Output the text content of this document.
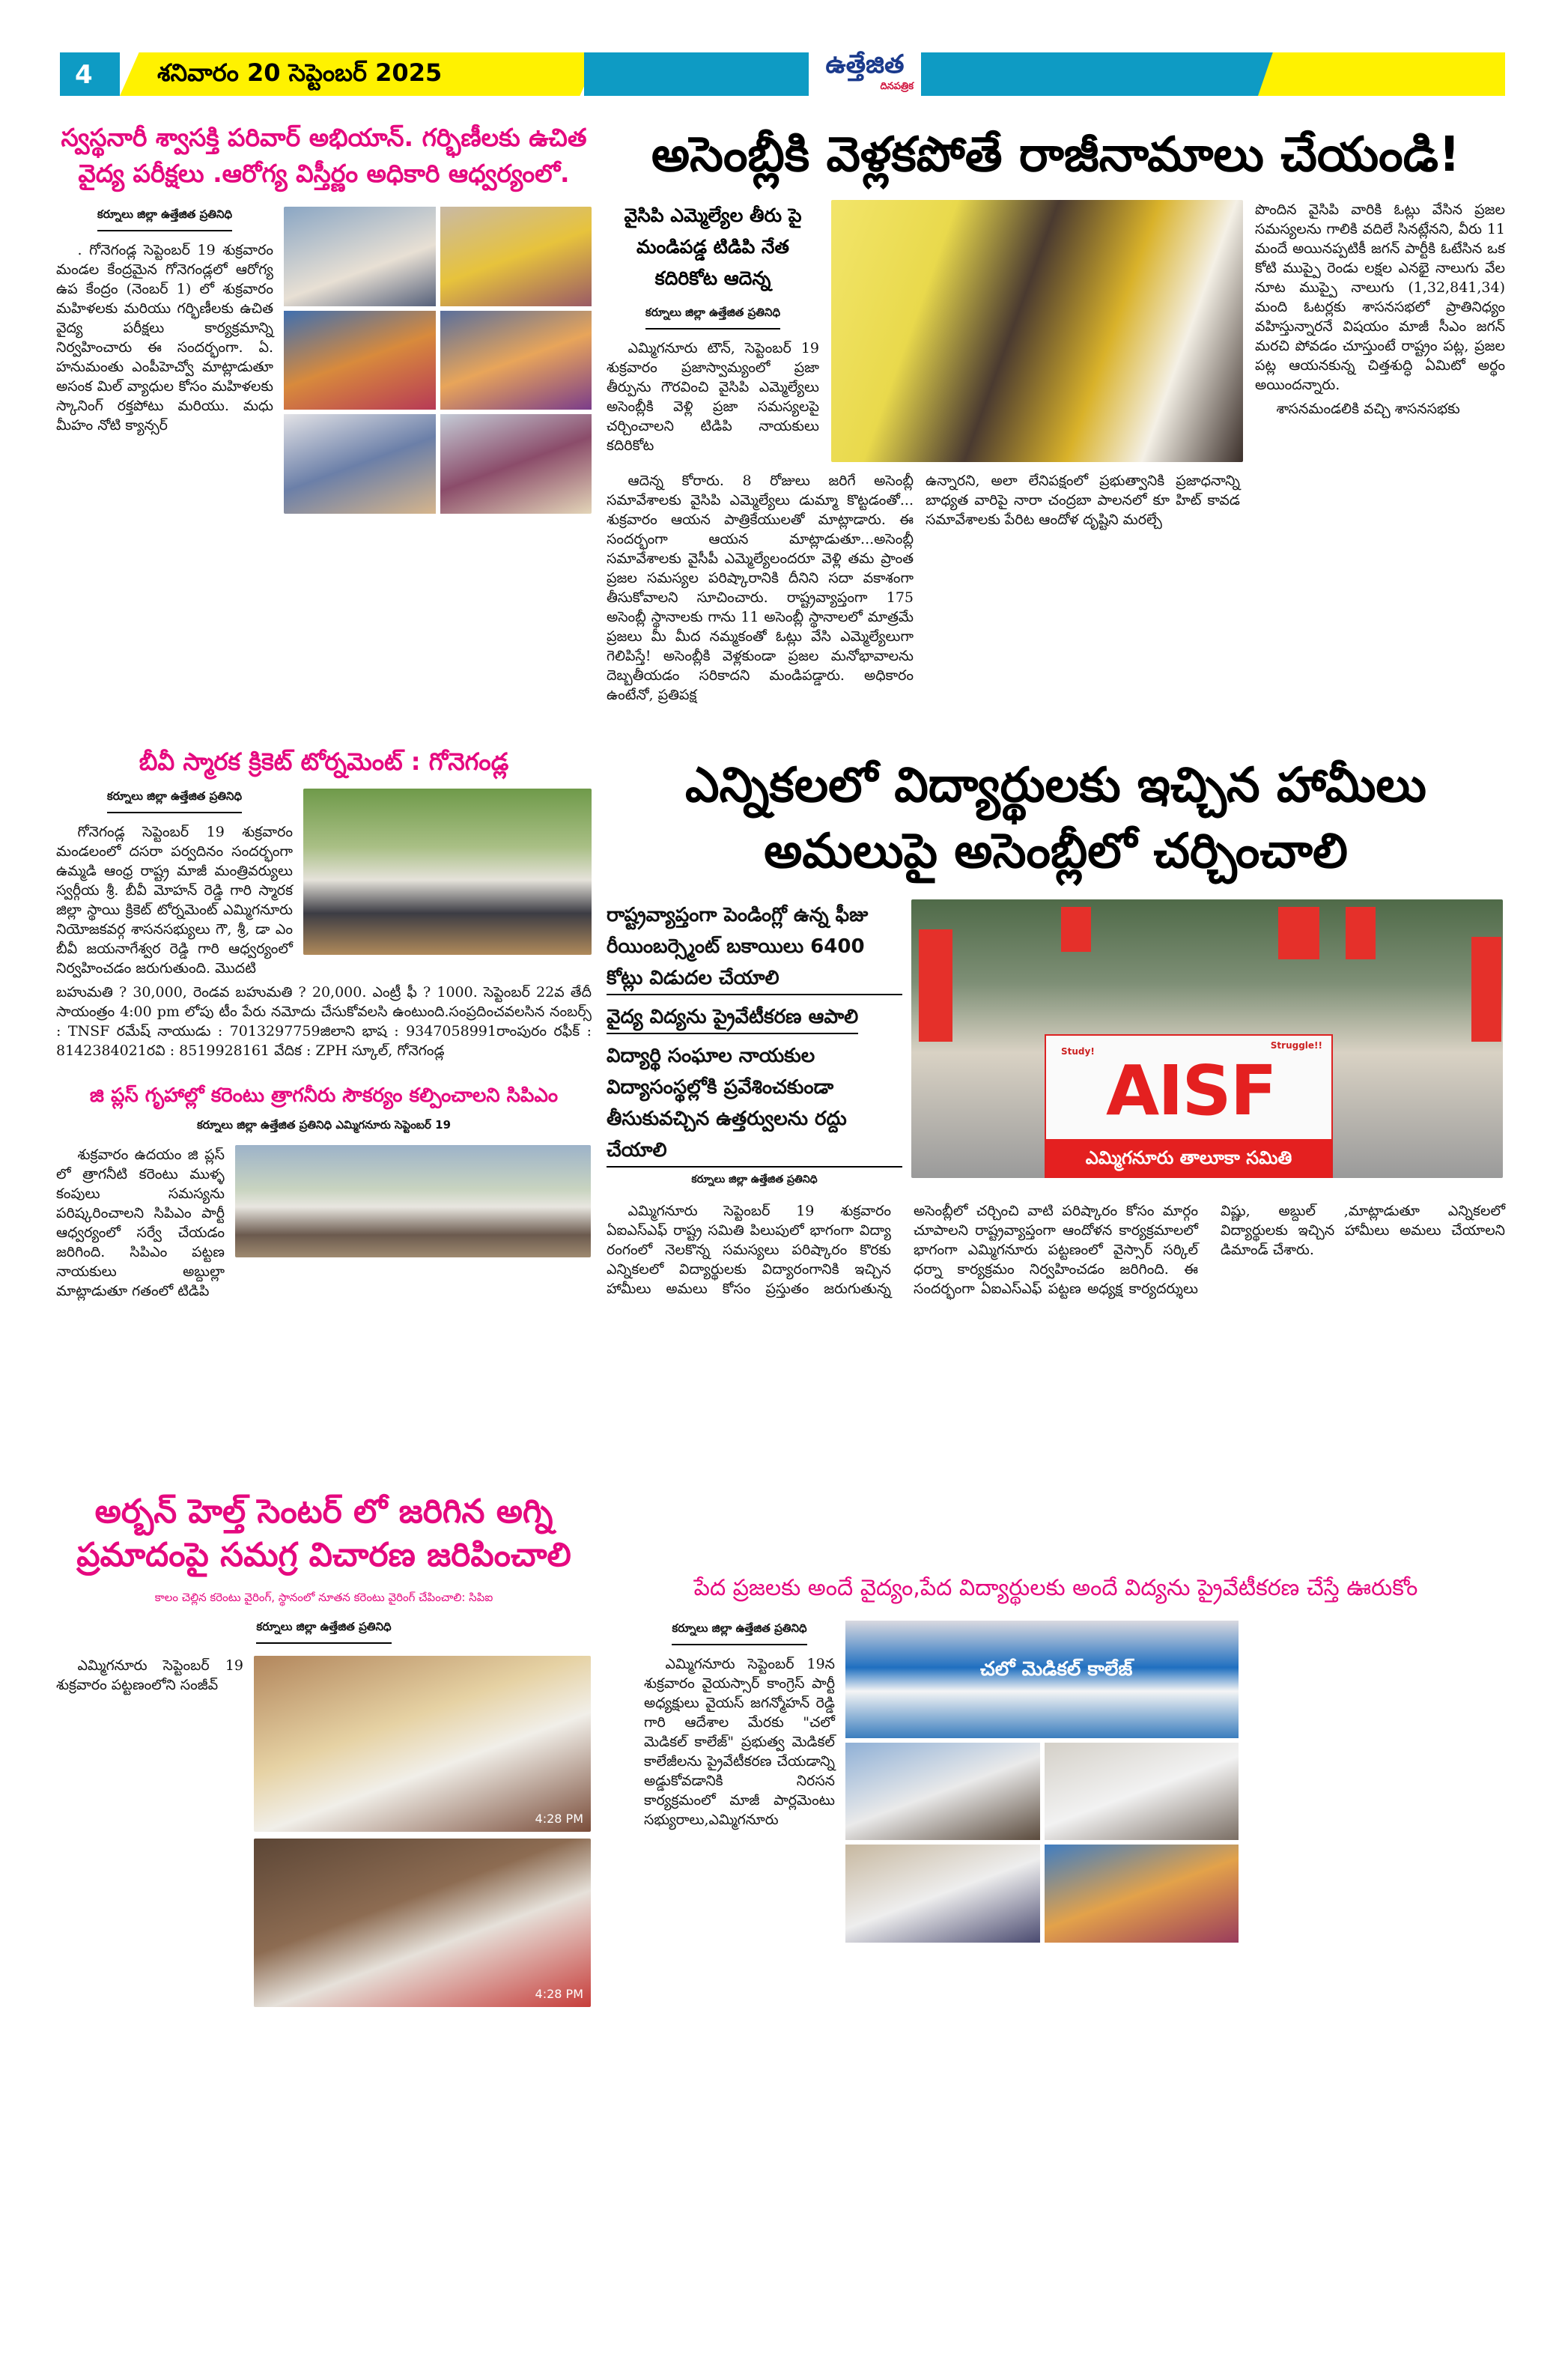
4	శనివారం 20 సెప్టెంబర్ 2025	ఉత్తేజిత
దినపత్రిక
స్వస్థనారీ శ్వాసక్తి పరివార్ అభియాన్. గర్భిణీలకు ఉచిత వైద్య పరీక్షలు .ఆరోగ్య విస్తీర్ణం అధికారి ఆధ్వర్యంలో.
కర్నూలు జిల్లా ఉత్తేజిత ప్రతినిధి
. గోనెగండ్ల సెప్టెంబర్ 19 శుక్రవారం మండల కేంద్రమైన గోనెగండ్లలో ఆరోగ్య ఉప కేంద్రం (నెంబర్ 1) లో శుక్రవారం మహిళలకు మరియు గర్భిణీలకు ఉచిత వైద్య పరీక్షలు కార్యక్రమాన్ని నిర్వహించారు ఈ సందర్భంగా. ఏ. హనుమంతు ఎంపీహెచ్వో మాట్లాడుతూ అసంక మిల్ వ్యాధుల కోసం మహిళలకు స్కానింగ్ రక్తపోటు మరియు. మధు మీహం నోటి క్యాన్సర్
బీవీ స్మారక క్రికెట్ టోర్నమెంట్ : గోనెగండ్ల
కర్నూలు జిల్లా ఉత్తేజిత ప్రతినిధి
గోనెగండ్ల సెప్టెంబర్ 19 శుక్రవారం మండలంలో దసరా పర్వదినం సందర్భంగా ఉమ్మడి ఆంధ్ర రాష్ట్ర మాజీ మంత్రివర్యులు స్వర్గీయ శ్రీ. బీవీ మోహన్ రెడ్డి గారి స్మారక జిల్లా స్థాయి క్రికెట్ టోర్నమెంట్ ఎమ్మిగనూరు నియోజకవర్గ శాసనసభ్యులు గౌ, శ్రీ, డా ఎం బీవీ జయనాగేశ్వర రెడ్డి గారి ఆధ్వర్యంలో నిర్వహించడం జరుగుతుంది. మొదటి
బహుమతి ? 30,000, రెండవ బహుమతి ? 20,000. ఎంట్రీ ఫీ ? 1000. సెప్టెంబర్ 22వ తేదీ సాయంత్రం 4:00 pm లోపు టీం పేరు నమోదు చేసుకోవలసి ఉంటుంది.సంప్రదించవలసిన నంబర్స్ : TNSF రమేష్ నాయుడు : 7013297759జిలాని భాష : 9347058991రాంపురం రఫీక్ : 8142384021రవి : 8519928161 వేదిక : ZPH స్కూల్, గోనెగండ్ల
జి ప్లస్ గృహాల్లో కరెంటు త్రాగనీరు సౌకర్యం కల్పించాలని సిపిఎం
కర్నూలు జిల్లా ఉత్తేజిత ప్రతినిధి ఎమ్మిగనూరు సెప్టెంబర్ 19
శుక్రవారం ఉదయం జి ప్లస్ లో త్రాగనీటి కరెంటు ముళ్ళ కంపులు సమస్యను పరిష్కరించాలని సిపిఎం పార్టీ ఆధ్వర్యంలో సర్వే చేయడం జరిగింది. సిపిఎం పట్టణ నాయకులు అబ్దుల్లా మాట్లాడుతూ గతంలో టిడిపి
అర్బన్ హెల్త్ సెంటర్ లో జరిగిన అగ్ని ప్రమాదంపై సమగ్ర విచారణ జరిపించాలి
కాలం చెల్లిన కరెంటు వైరింగ్, స్థానంలో నూతన కరెంటు వైరింగ్ చేపించాలి: సిపిఐ
కర్నూలు జిల్లా ఉత్తేజిత ప్రతినిధి
ఎమ్మిగనూరు సెప్టెంబర్ 19 శుక్రవారం పట్టణంలోని సంజీవ్
4:28 PM
4:28 PM
అసెంబ్లీకి వెళ్లకపోతే రాజీనామాలు చేయండి!
వైసిపి ఎమ్మెల్యేల తీరు పై మండిపడ్డ టిడిపి నేత కదిరికోట ఆదెన్న
కర్నూలు జిల్లా ఉత్తేజిత ప్రతినిధి
ఎమ్మిగనూరు టౌన్, సెప్టెంబర్ 19 శుక్రవారం ప్రజాస్వామ్యంలో ప్రజా తీర్పును గౌరవించి వైసిపి ఎమ్మెల్యేలు అసెంబ్లీకి వెళ్లి ప్రజా సమస్యలపై చర్చించాలని టిడిపి నాయకులు కదిరికోట
ఆదెన్న కోరారు. 8 రోజులు జరిగే అసెంబ్లీ సమావేశాలకు వైసిపి ఎమ్మెల్యేలు డుమ్మా కొట్టడంతో... శుక్రవారం ఆయన పాత్రికేయులతో మాట్లాడారు. ఈ సందర్భంగా ఆయన మాట్లాడుతూ...అసెంబ్లీ సమావేశాలకు వైసీపీ ఎమ్మెల్యేలందరూ వెళ్లి తమ ప్రాంత ప్రజల సమస్యల పరిష్కారానికి దీనిని సదా వకాశంగా తీసుకోవాలని సూచించారు. రాష్ట్రవ్యాప్తంగా 175 అసెంబ్లీ స్థానాలకు గాను 11 అసెంబ్లీ స్థానాలలో మాత్రమే ప్రజలు మీ మీద నమ్మకంతో ఓట్లు వేసి ఎమ్మెల్యేలుగా గెలిపిస్తే! అసెంబ్లీకి వెళ్లకుండా ప్రజల మనోభావాలను దెబ్బతీయడం సరికాదని మండిపడ్డారు. అధికారం ఉంటేనో, ప్రతిపక్ష
ఉన్నారని, అలా లేనిపక్షంలో ప్రభుత్వానికి ప్రజాధనాన్ని బాధ్యత వారిపై నారా చంద్రబా పాలనలో కూ హిట్ కావడ సమావేశాలకు పేరిట ఆందోళ దృష్టిని మరల్చే
పొందిన వైసిపి వారికి ఓట్లు వేసిన ప్రజల సమస్యలను గాలికి వదిలే సినట్లేనని, వీరు 11 మందే అయినప్పటికీ జగన్ పార్టీకి ఓటేసిన ఒక కోటి ముప్పై రెండు లక్షల ఎనభై నాలుగు వేల నూట ముప్పై నాలుగు (1,32,841,34) మంది ఓటర్లకు శాసనసభలో ప్రాతినిధ్యం వహిస్తున్నారనే విషయం మాజీ సీఎం జగన్ మరచి పోవడం చూస్తుంటే రాష్ట్రం పట్ల, ప్రజల పట్ల ఆయనకున్న చిత్తశుద్ధి ఏమిటో అర్థం అయిందన్నారు.
శాసనమండలికి వచ్చి శాసనసభకు
ఎన్నికలలో విద్యార్థులకు ఇచ్చిన హామీలు
అమలుపై అసెంబ్లీలో చర్చించాలి
రాష్ట్రవ్యాప్తంగా పెండింగ్లో ఉన్న ఫీజు రీయింబర్స్మెంట్ బకాయిలు 6400 కోట్లు విడుదల చేయాలి వైద్య విద్యను ప్రైవేటీకరణ ఆపాలి విద్యార్థి సంఘాల నాయకుల విద్యాసంస్థల్లోకి ప్రవేశించకుండా తీసుకువచ్చిన ఉత్తర్వులను రద్దు చేయాలి
కర్నూలు జిల్లా ఉత్తేజిత ప్రతినిధి
Study!
Struggle!!
AISF
ఎమ్మిగనూరు తాలూకా సమితి
ఎమ్మిగనూరు సెప్టెంబర్ 19 శుక్రవారం ఏఐఎస్ఎఫ్ రాష్ట్ర సమితి పిలుపులో భాగంగా విద్యా రంగంలో నెలకొన్న సమస్యలు పరిష్కారం కొరకు ఎన్నికలలో విద్యార్థులకు విద్యారంగానికి ఇచ్చిన హామీలు అమలు కోసం ప్రస్తుతం జరుగుతున్న అసెంబ్లీలో చర్చించి వాటి పరిష్కారం కోసం మార్గం చూపాలని రాష్ట్రవ్యాప్తంగా ఆందోళన కార్యక్రమాలలో భాగంగా ఎమ్మిగనూరు పట్టణంలో వైస్సార్ సర్కిల్ ధర్నా కార్యక్రమం నిర్వహించడం జరిగింది. ఈ సందర్భంగా ఏఐఎస్ఎఫ్ పట్టణ అధ్యక్ష కార్యదర్శులు విష్ణు, అబ్దుల్ ,మాట్లాడుతూ ఎన్నికలలో విద్యార్థులకు ఇచ్చిన హామీలు అమలు చేయాలని డిమాండ్ చేశారు.
పేద ప్రజలకు అందే వైద్యం,పేద విద్యార్థులకు అందే విద్యను ప్రైవేటీకరణ చేస్తే ఊరుకోం
కర్నూలు జిల్లా ఉత్తేజిత ప్రతినిధి
ఎమ్మిగనూరు సెప్టెంబర్ 19న శుక్రవారం వైయస్సార్ కాంగ్రెస్ పార్టీ అధ్యక్షులు వైయస్ జగన్మోహన్ రెడ్డి గారి ఆదేశాల మేరకు "చలో మెడికల్ కాలేజ్" ప్రభుత్వ మెడికల్ కాలేజీలను ప్రైవేటీకరణ చేయడాన్ని అడ్డుకోవడానికి నిరసన కార్యక్రమంలో మాజీ పార్లమెంటు సభ్యురాలు,ఎమ్మిగనూరు
చలో మెడికల్ కాలేజ్
